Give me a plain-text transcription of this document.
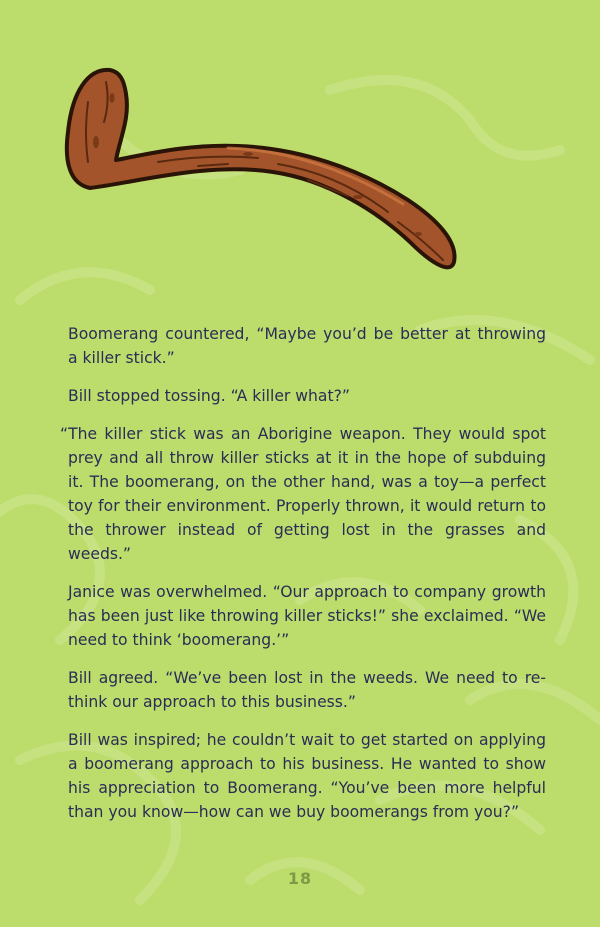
Boomerang countered, “Maybe you’d be better at throwing a killer stick.”

Bill stopped tossing. “A killer what?”

“The killer stick was an Aborigine weapon. They would spot prey and all throw killer sticks at it in the hope of subduing it. The boomerang, on the other hand, was a toy—a perfect toy for their environment. Properly thrown, it would return to the thrower instead of getting lost in the grasses and weeds.”

Janice was overwhelmed. “Our approach to company growth has been just like throwing killer sticks!” she exclaimed. “We need to think ‘boomerang.’”

Bill agreed. “We’ve been lost in the weeds. We need to re-think our approach to this business.”

Bill was inspired; he couldn’t wait to get started on applying a boomerang approach to his business. He wanted to show his appreciation to Boomerang. “You’ve been more helpful than you know—how can we buy boomerangs from you?”

18
